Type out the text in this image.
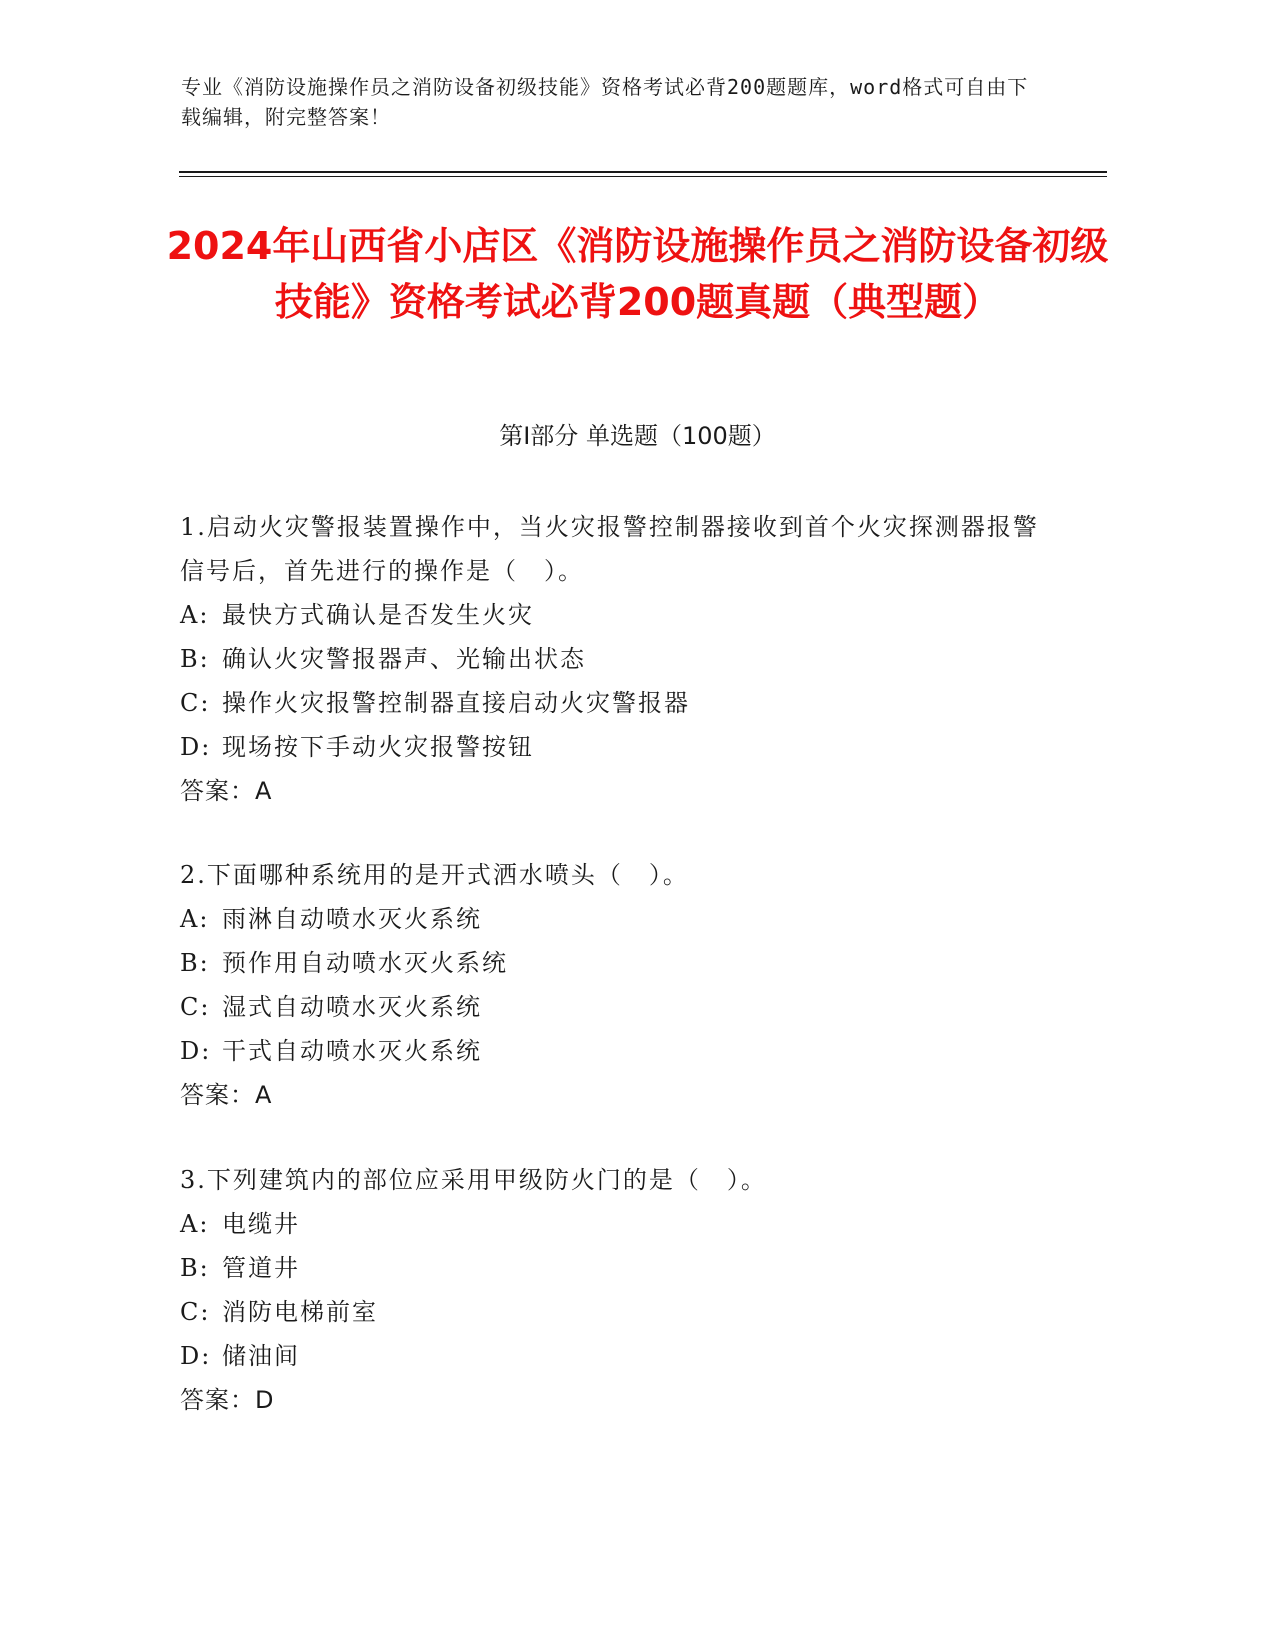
专业《消防设施操作员之消防设备初级技能》资格考试必背200题题库，word格式可自由下载编辑，附完整答案！
2024年山西省小店区《消防设施操作员之消防设备初级技能》资格考试必背200题真题（典型题）
第Ⅰ部分 单选题（100题）
1.启动火灾警报装置操作中，当火灾报警控制器接收到首个火灾探测器报警信号后，首先进行的操作是（　）。
A: 最快方式确认是否发生火灾
B: 确认火灾警报器声、光输出状态
C: 操作火灾报警控制器直接启动火灾警报器
D: 现场按下手动火灾报警按钮
答案：A
2.下面哪种系统用的是开式洒水喷头（　）。
A: 雨淋自动喷水灭火系统
B: 预作用自动喷水灭火系统
C: 湿式自动喷水灭火系统
D: 干式自动喷水灭火系统
答案：A
3.下列建筑内的部位应采用甲级防火门的是（　）。
A: 电缆井
B: 管道井
C: 消防电梯前室
D: 储油间
答案：D
